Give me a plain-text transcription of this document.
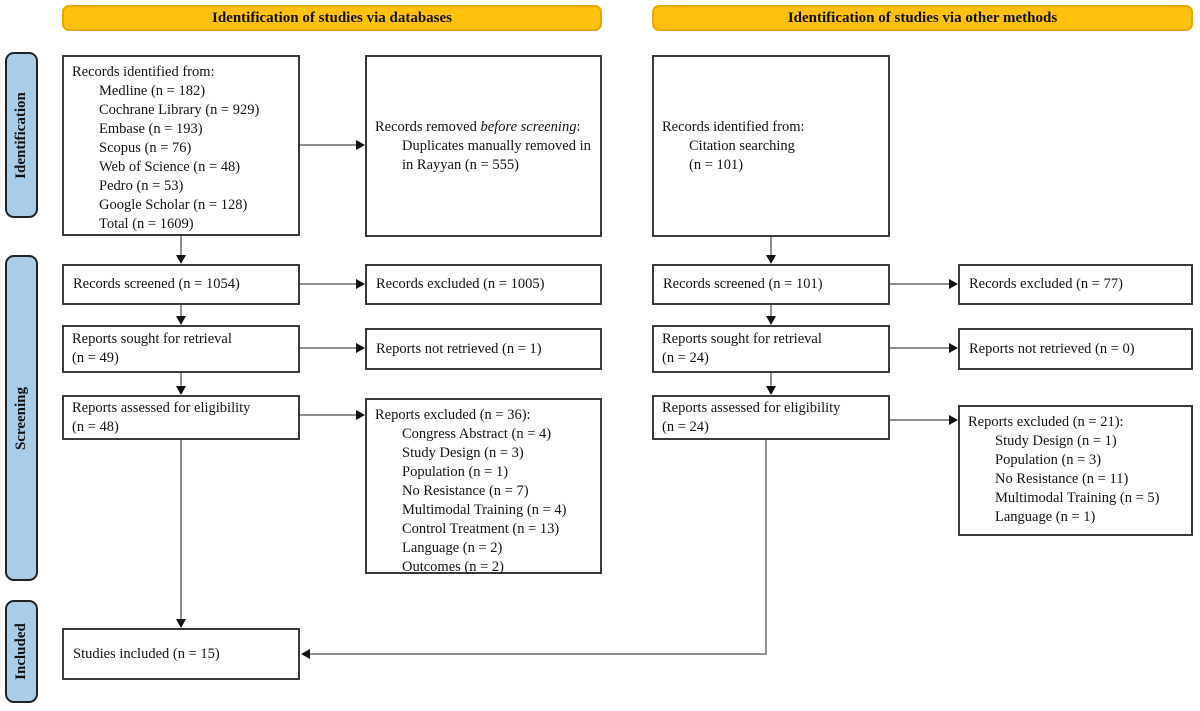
Identification of studies via databases	Identification of studies via other methods
Identification
Screening
Included
Records identified from:
Medline (n = 182)
Cochrane Library (n = 929)
Embase (n = 193)
Scopus (n = 76)
Web of Science (n = 48)
Pedro (n = 53)
Google Scholar (n = 128)
Total (n = 1609)
Records screened (n = 1054)
Reports sought for retrieval
(n = 49)
Reports assessed for eligibility
(n = 48)
Studies included (n = 15)
Records removed before screening:
Duplicates manually removed in
in Rayyan (n = 555)
Records excluded (n = 1005)
Reports not retrieved (n = 1)
Reports excluded (n = 36):
Congress Abstract (n = 4)
Study Design (n = 3)
Population (n = 1)
No Resistance (n = 7)
Multimodal Training (n = 4)
Control Treatment (n = 13)
Language (n = 2)
Outcomes (n = 2)
Records identified from:
Citation searching
(n = 101)
Records screened (n = 101)
Reports sought for retrieval
(n = 24)
Reports assessed for eligibility
(n = 24)
Records excluded (n = 77)
Reports not retrieved (n = 0)
Reports excluded (n = 21):
Study Design (n = 1)
Population (n = 3)
No Resistance (n = 11)
Multimodal Training (n = 5)
Language (n = 1)
